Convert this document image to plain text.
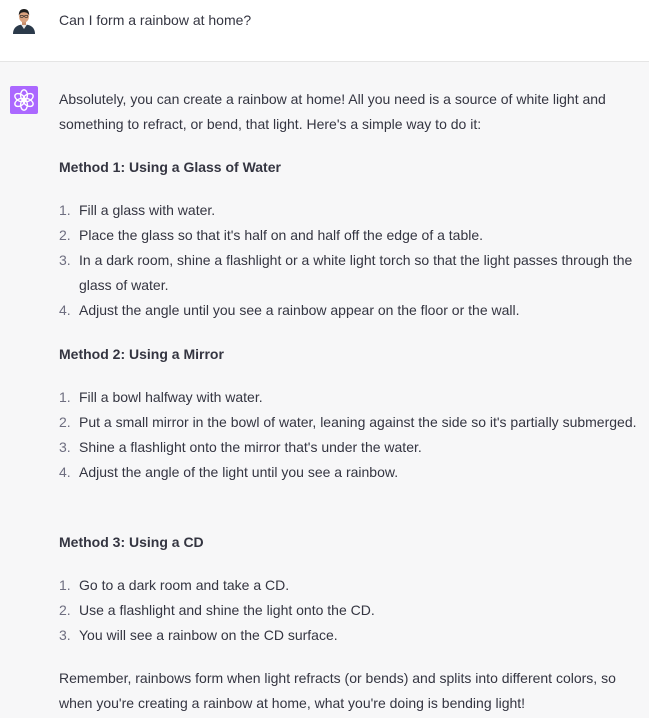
Can I form a rainbow at home?
Absolutely, you can create a rainbow at home! All you need is a source of white light and something to refract, or bend, that light. Here's a simple way to do it:
Method 1: Using a Glass of Water
1. Fill a glass with water.
2. Place the glass so that it's half on and half off the edge of a table.
3. In a dark room, shine a flashlight or a white light torch so that the light passes through the glass of water.
4. Adjust the angle until you see a rainbow appear on the floor or the wall.
Method 2: Using a Mirror
1. Fill a bowl halfway with water.
2. Put a small mirror in the bowl of water, leaning against the side so it's partially submerged.
3. Shine a flashlight onto the mirror that's under the water.
4. Adjust the angle of the light until you see a rainbow.
Method 3: Using a CD
1. Go to a dark room and take a CD.
2. Use a flashlight and shine the light onto the CD.
3. You will see a rainbow on the CD surface.
Remember, rainbows form when light refracts (or bends) and splits into different colors, so when you're creating a rainbow at home, what you're doing is bending light!
